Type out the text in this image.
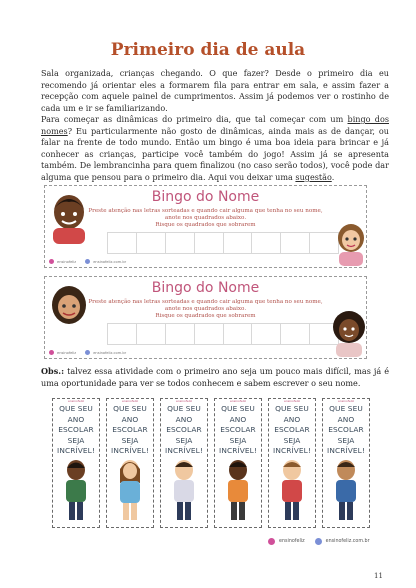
Primeiro dia de aula
Sala organizada, crianças chegando. O que fazer? Desde o primeiro dia eu recomendo já orientar eles a formarem fila para entrar em sala, e assim fazer a recepção com aquele painel de cumprimentos. Assim já podemos ver o rostinho de cada um e ir se familiarizando.
Para começar as dinâmicas do primeiro dia, que tal começar com um bingo dos nomes? Eu particularmente não gosto de dinâmicas, ainda mais as de dançar, ou falar na frente de todo mundo. Então um bingo é uma boa ideia para brincar e já conhecer as crianças, participe você também do jogo! Assim já se apresenta também. De lembrancinha para quem finalizou (no caso serão todos), você pode dar alguma que pensou para o primeiro dia. Aqui vou deixar uma sugestão.
Bingo do Nome
Preste atenção nas letras sorteadas e quando cair alguma que tenha no seu nome,
anote nos quadrados abaixo.
Risque os quadrados que sobrarem
ensinofeliz	ensinofeliz.com.br
Bingo do Nome
Preste atenção nas letras sorteadas e quando cair alguma que tenha no seu nome,
anote nos quadrados abaixo.
Risque os quadrados que sobrarem
ensinofeliz	ensinofeliz.com.br
Obs.: talvez essa atividade com o primeiro ano seja um pouco mais difícil, mas já é uma oportunidade para ver se todos conhecem e sabem escrever o seu nome.
ensinofeliz
QUE SEU
ANO
ESCOLAR
SEJA
INCRÍVEL!
ensinofeliz
QUE SEU
ANO
ESCOLAR
SEJA
INCRÍVEL!
ensinofeliz
QUE SEU
ANO
ESCOLAR
SEJA
INCRÍVEL!
ensinofeliz
QUE SEU
ANO
ESCOLAR
SEJA
INCRÍVEL!
ensinofeliz
QUE SEU
ANO
ESCOLAR
SEJA
INCRÍVEL!
ensinofeliz
QUE SEU
ANO
ESCOLAR
SEJA
INCRÍVEL!
ensinofeliz	ensinofeliz.com.br
11
